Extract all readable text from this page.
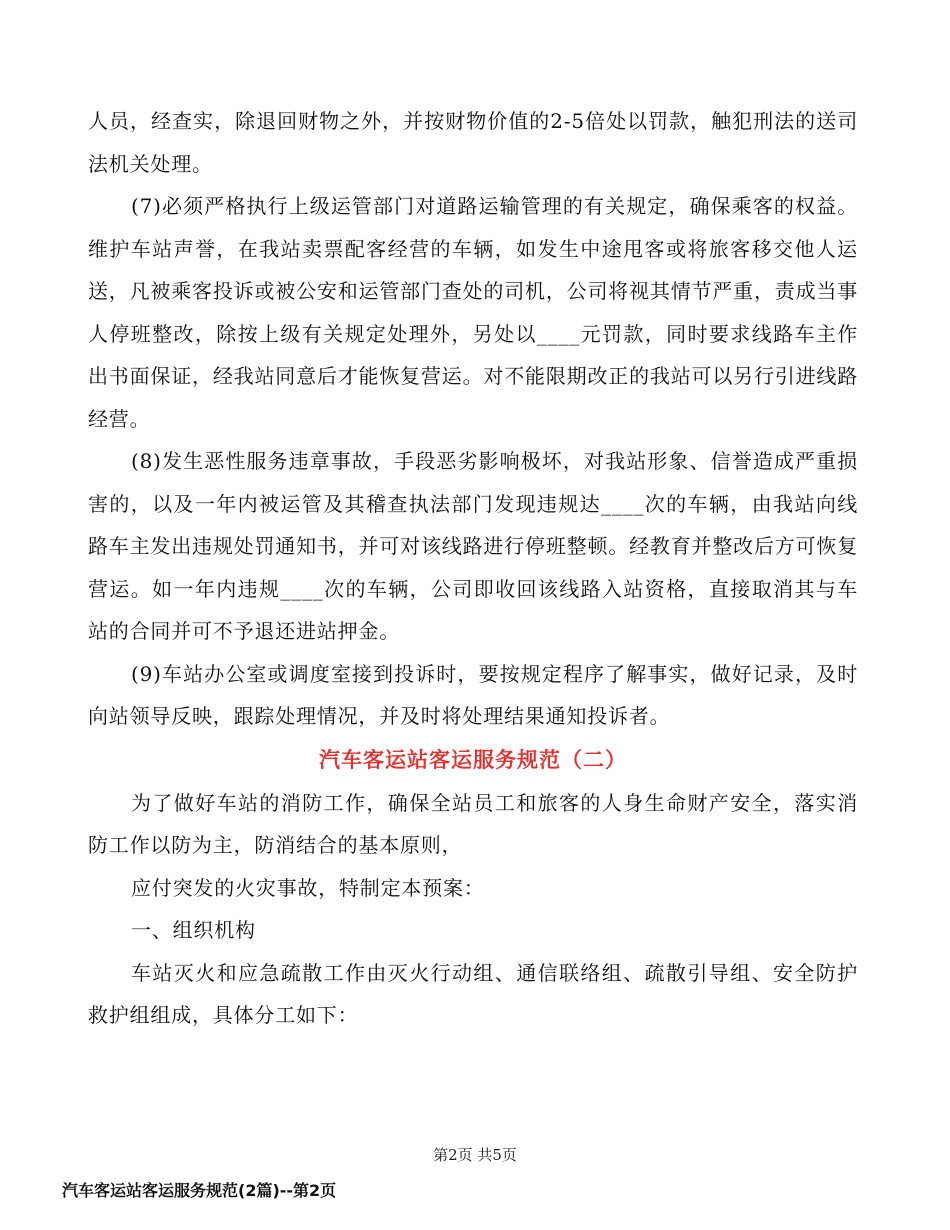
人员，经查实，除退回财物之外，并按财物价值的2-5倍处以罚款，触犯刑法的送司法机关处理。

(7)必须严格执行上级运管部门对道路运输管理的有关规定，确保乘客的权益。维护车站声誉，在我站卖票配客经营的车辆，如发生中途甩客或将旅客移交他人运送，凡被乘客投诉或被公安和运管部门查处的司机，公司将视其情节严重，责成当事人停班整改，除按上级有关规定处理外，另处以____元罚款，同时要求线路车主作出书面保证，经我站同意后才能恢复营运。对不能限期改正的我站可以另行引进线路经营。

(8)发生恶性服务违章事故，手段恶劣影响极坏，对我站形象、信誉造成严重损害的，以及一年内被运管及其稽查执法部门发现违规达____次的车辆，由我站向线路车主发出违规处罚通知书，并可对该线路进行停班整顿。经教育并整改后方可恢复营运。如一年内违规____次的车辆，公司即收回该线路入站资格，直接取消其与车站的合同并可不予退还进站押金。

(9)车站办公室或调度室接到投诉时，要按规定程序了解事实，做好记录，及时向站领导反映，跟踪处理情况，并及时将处理结果通知投诉者。

汽车客运站客运服务规范（二）

为了做好车站的消防工作，确保全站员工和旅客的人身生命财产安全，落实消防工作以防为主，防消结合的基本原则，

应付突发的火灾事故，特制定本预案：

一、组织机构

车站灭火和应急疏散工作由灭火行动组、通信联络组、疏散引导组、安全防护救护组组成，具体分工如下：

第2页 共5页
汽车客运站客运服务规范(2篇)--第2页
